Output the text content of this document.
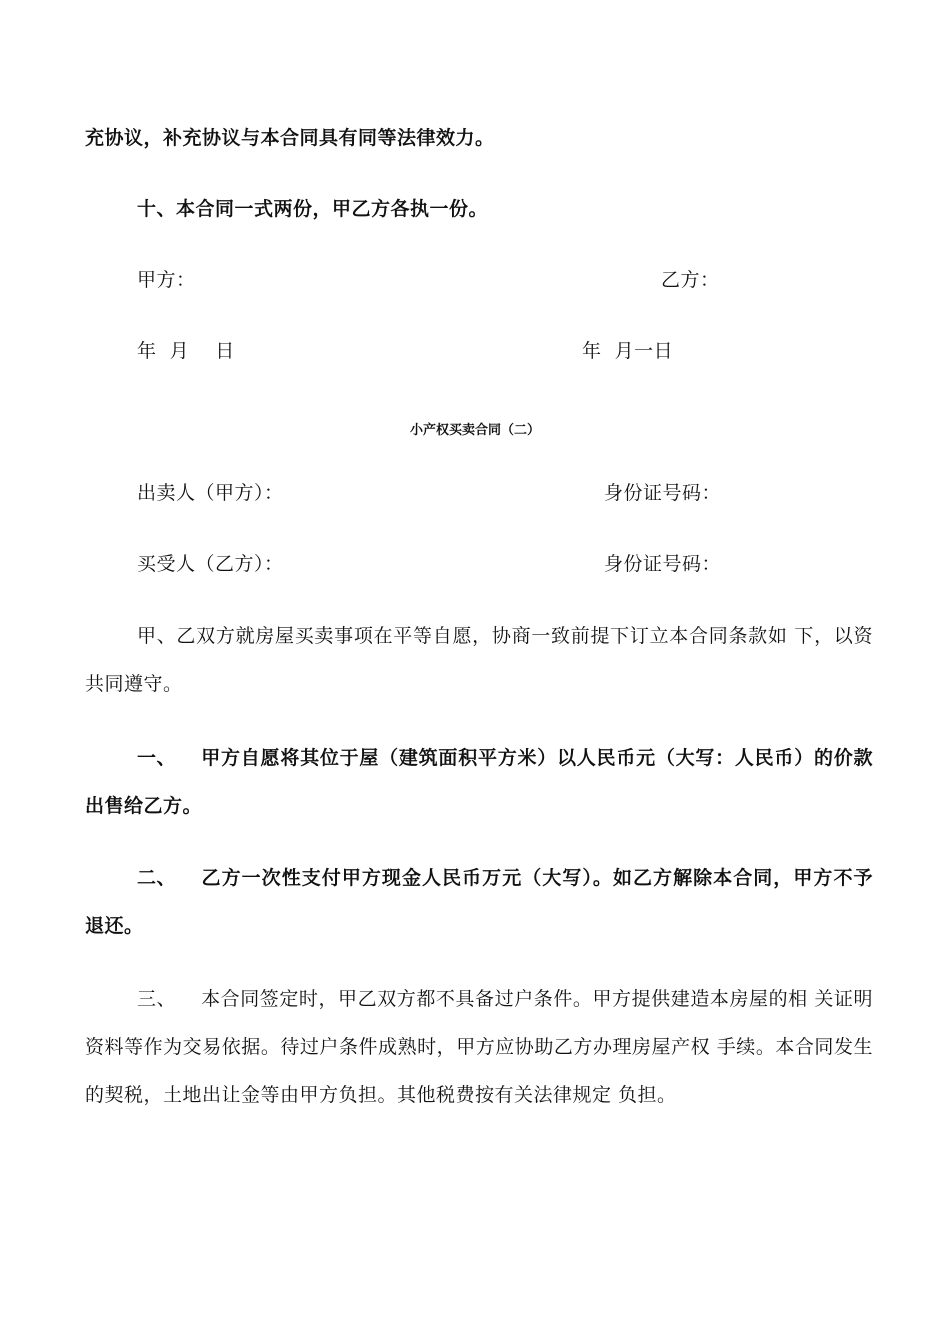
充协议，补充协议与本合同具有同等法律效力。
十、本合同一式两份，甲乙方各执一份。
甲方：	乙方：
年  月    日	年  月一日
小产权买卖合同（二）
出卖人（甲方）：	身份证号码：
买受人（乙方）：	身份证号码：
甲、乙双方就房屋买卖事项在平等自愿，协商一致前提下订立本合同条款如 下，以资共同遵守。
一、 甲方自愿将其位于屋（建筑面积平方米）以人民币元（大写：人民币）的价款出售给乙方。
二、 乙方一次性支付甲方现金人民币万元（大写）。如乙方解除本合同，甲方不予退还。
三、 本合同签定时，甲乙双方都不具备过户条件。甲方提供建造本房屋的相 关证明资料等作为交易依据。待过户条件成熟时，甲方应协助乙方办理房屋产权 手续。本合同发生的契税，土地出让金等由甲方负担。其他税费按有关法律规定 负担。
